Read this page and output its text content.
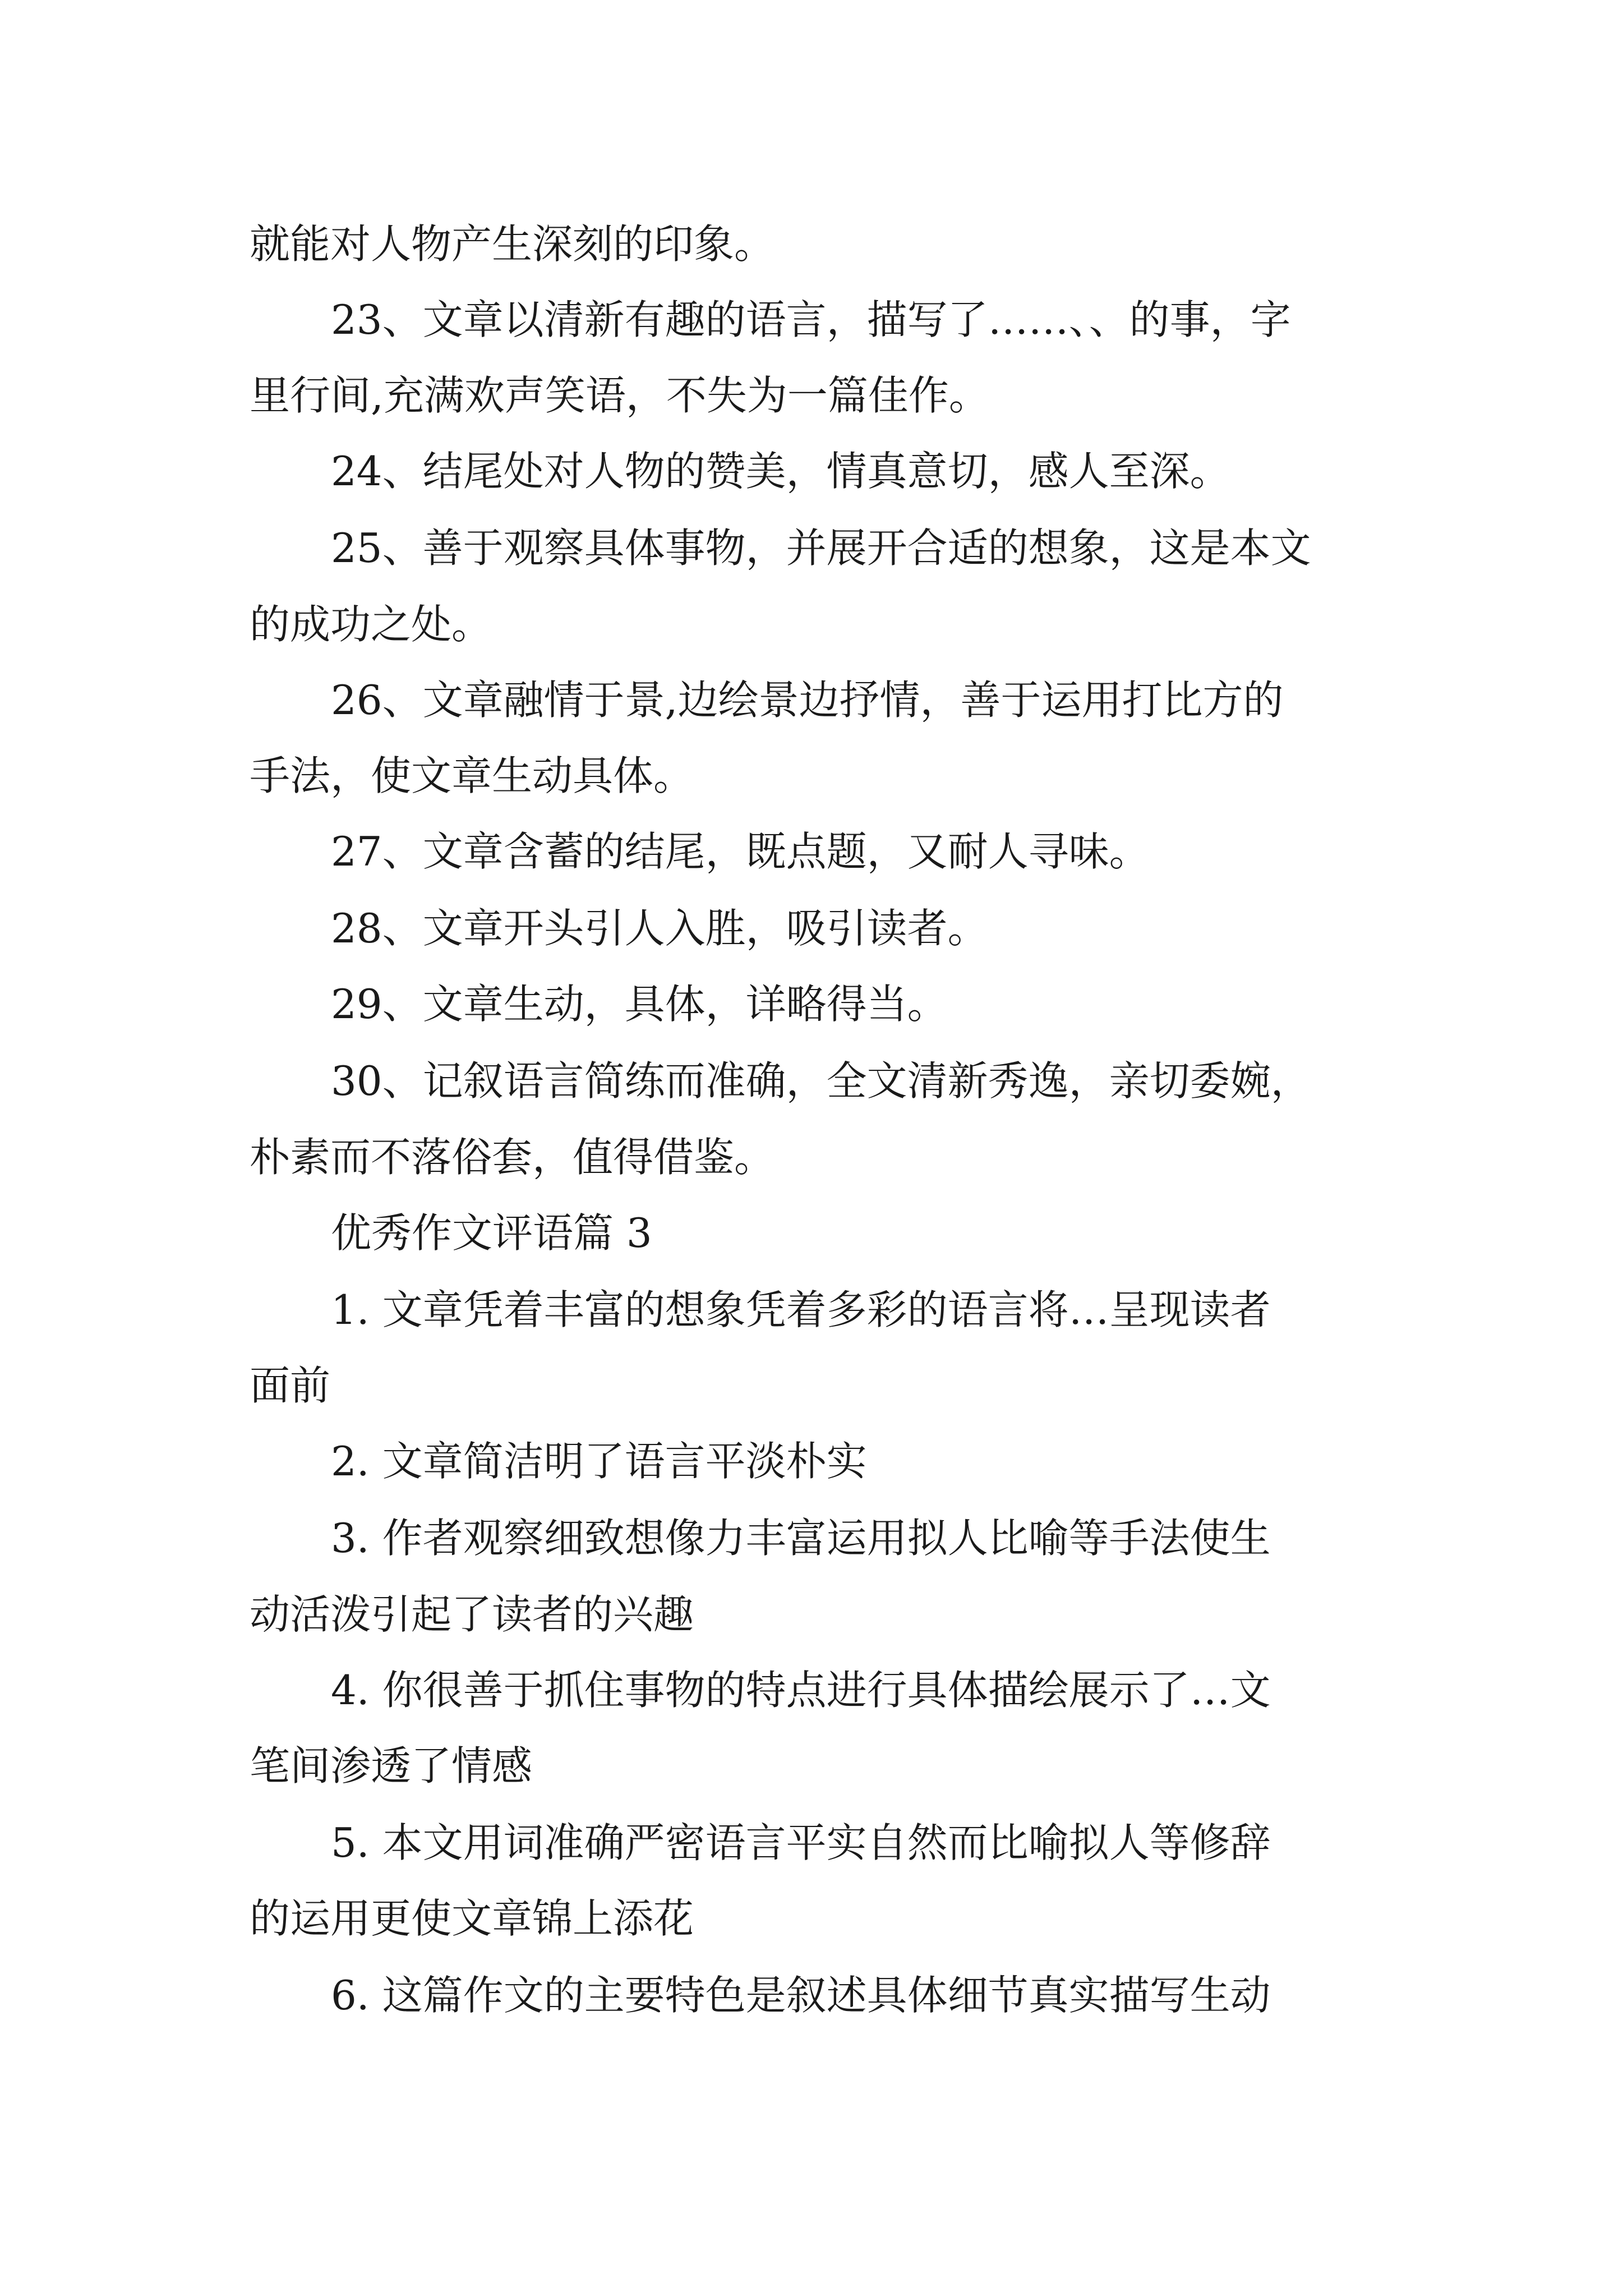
就能对人物产生深刻的印象。
23、文章以清新有趣的语言，描写了……、、的事，字
里行间,充满欢声笑语，不失为一篇佳作。
24、结尾处对人物的赞美，情真意切，感人至深。
25、善于观察具体事物，并展开合适的想象，这是本文
的成功之处。
26、文章融情于景,边绘景边抒情，善于运用打比方的
手法，使文章生动具体。
27、文章含蓄的结尾，既点题，又耐人寻味。
28、文章开头引人入胜，吸引读者。
29、文章生动，具体，详略得当。
30、记叙语言简练而准确，全文清新秀逸，亲切委婉，
朴素而不落俗套，值得借鉴。
优秀作文评语篇 3
1. 文章凭着丰富的想象凭着多彩的语言将…呈现读者
面前
2. 文章简洁明了语言平淡朴实
3. 作者观察细致想像力丰富运用拟人比喻等手法使生
动活泼引起了读者的兴趣
4. 你很善于抓住事物的特点进行具体描绘展示了…文
笔间渗透了情感
5. 本文用词准确严密语言平实自然而比喻拟人等修辞
的运用更使文章锦上添花
6. 这篇作文的主要特色是叙述具体细节真实描写生动
